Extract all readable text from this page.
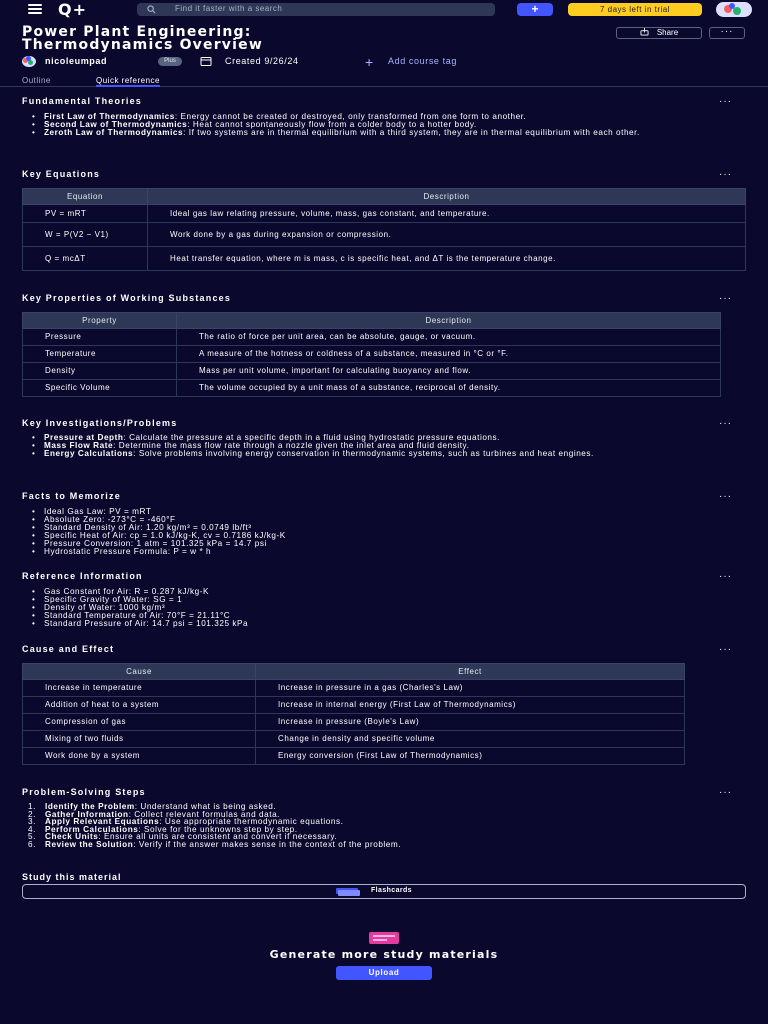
Q+	Find it faster with a search	+	7 days left in trial
Power Plant Engineering:
Thermodynamics Overview
Share	···
nicoleumpad	Plus	Created 9/26/24	+ Add course tag
Outline	Quick reference
Fundamental Theories	···
• First Law of Thermodynamics: Energy cannot be created or destroyed, only transformed from one form to another.
• Second Law of Thermodynamics: Heat cannot spontaneously flow from a colder body to a hotter body.
• Zeroth Law of Thermodynamics: If two systems are in thermal equilibrium with a third system, they are in thermal equilibrium with each other.
Key Equations	···
Equation	Description
PV = mRT	Ideal gas law relating pressure, volume, mass, gas constant, and temperature.
W = P(V2 − V1)	Work done by a gas during expansion or compression.
Q = mcΔT	Heat transfer equation, where m is mass, c is specific heat, and ΔT is the temperature change.
Key Properties of Working Substances	···
Property	Description
Pressure	The ratio of force per unit area, can be absolute, gauge, or vacuum.
Temperature	A measure of the hotness or coldness of a substance, measured in °C or °F.
Density	Mass per unit volume, important for calculating buoyancy and flow.
Specific Volume	The volume occupied by a unit mass of a substance, reciprocal of density.
Key Investigations/Problems	···
• Pressure at Depth: Calculate the pressure at a specific depth in a fluid using hydrostatic pressure equations.
• Mass Flow Rate: Determine the mass flow rate through a nozzle given the inlet area and fluid density.
• Energy Calculations: Solve problems involving energy conservation in thermodynamic systems, such as turbines and heat engines.
Facts to Memorize	···
• Ideal Gas Law: PV = mRT
• Absolute Zero: -273°C = -460°F
• Standard Density of Air: 1.20 kg/m³ = 0.0749 lb/ft³
• Specific Heat of Air: cp = 1.0 kJ/kg-K, cv = 0.7186 kJ/kg-K
• Pressure Conversion: 1 atm = 101.325 kPa = 14.7 psi
• Hydrostatic Pressure Formula: P = w * h
Reference Information	···
• Gas Constant for Air: R = 0.287 kJ/kg-K
• Specific Gravity of Water: SG = 1
• Density of Water: 1000 kg/m³
• Standard Temperature of Air: 70°F = 21.11°C
• Standard Pressure of Air: 14.7 psi = 101.325 kPa
Cause and Effect	···
Cause	Effect
Increase in temperature	Increase in pressure in a gas (Charles's Law)
Addition of heat to a system	Increase in internal energy (First Law of Thermodynamics)
Compression of gas	Increase in pressure (Boyle's Law)
Mixing of two fluids	Change in density and specific volume
Work done by a system	Energy conversion (First Law of Thermodynamics)
Problem-Solving Steps	···
1. Identify the Problem: Understand what is being asked.
2. Gather Information: Collect relevant formulas and data.
3. Apply Relevant Equations: Use appropriate thermodynamic equations.
4. Perform Calculations: Solve for the unknowns step by step.
5. Check Units: Ensure all units are consistent and convert if necessary.
6. Review the Solution: Verify if the answer makes sense in the context of the problem.
Study this material
Flashcards
Generate more study materials
Upload
